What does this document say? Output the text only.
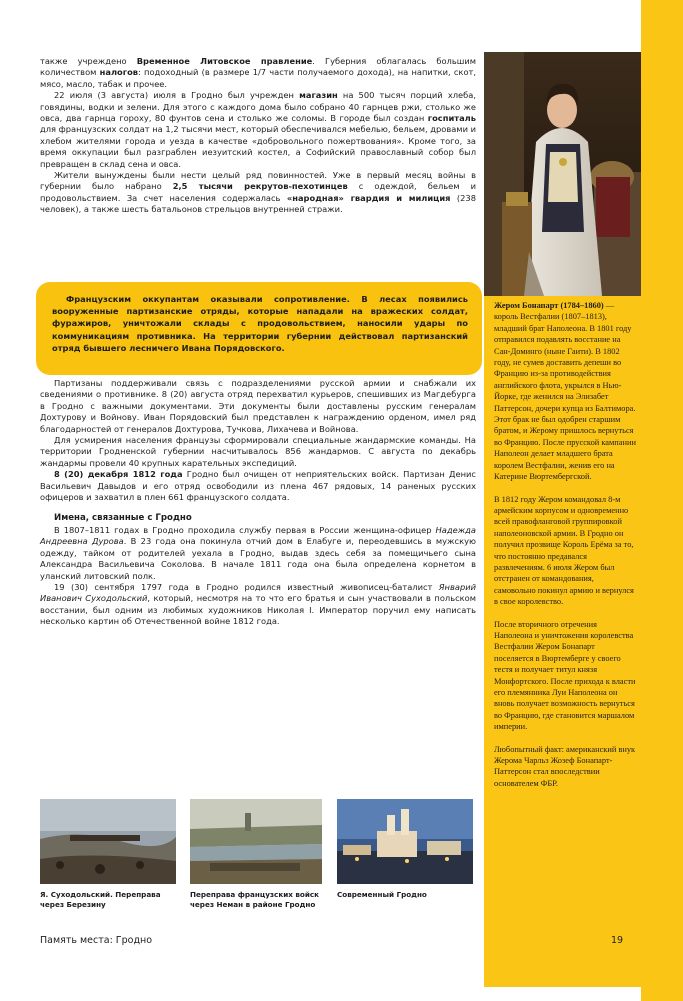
также учреждено Временное Литовское правление. Губерния облагалась большим количеством налогов: подоходный (в размере 1/7 части получаемого дохода), на напитки, скот, мясо, масло, табак и прочее.

22 июля (3 августа) июля в Гродно был учрежден магазин на 500 тысяч порций хлеба, говядины, водки и зелени. Для этого с каждого дома было собрано 40 гарнцев ржи, столько же овса, два гарнца гороху, 80 фунтов сена и столько же соломы. В городе был создан госпиталь для французских солдат на 1,2 тысячи мест, который обеспечивался мебелью, бельем, дровами и хлебом жителями города и уезда в качестве «добровольного пожертвования». Кроме того, за время оккупации был разграблен иезуитский костел, а Софийский православный собор был превращен в склад сена и овса.

Жители вынуждены были нести целый ряд повинностей. Уже в первый месяц войны в губернии было набрано 2,5 тысячи рекрутов-пехотинцев с одеждой, бельем и продовольствием. За счет населения содержалась «народная» гвардия и милиция (238 человек), а также шесть батальонов стрельцов внутренней стражи.

Французским оккупантам оказывали сопротивление. В лесах появились вооруженные партизанские отряды, которые нападали на вражеских солдат, фуражиров, уничтожали склады с продовольствием, наносили удары по коммуникациям противника. На территории губернии действовал партизанский отряд бывшего лесничего Ивана Порядовского.

Партизаны поддерживали связь с подразделениями русской армии и снабжали их сведениями о противнике. 8 (20) августа отряд перехватил курьеров, спешивших из Магдебурга в Гродно с важными документами. Эти документы были доставлены русским генералам Дохтурову и Войнову. Иван Порядовский был представлен к награждению орденом, имел ряд благодарностей от генералов Дохтурова, Тучкова, Лихачева и Войнова.

Для усмирения населения французы сформировали специальные жандармские команды. На территории Гродненской губернии насчитывалось 856 жандармов. С августа по декабрь жандармы провели 40 крупных карательных экспедиций.

8 (20) декабря 1812 года Гродно был очищен от неприятельских войск. Партизан Денис Васильевич Давыдов и его отряд освободили из плена 467 рядовых, 14 раненых русских офицеров и захватил в плен 661 французского солдата.

Имена, связанные с Гродно

В 1807–1811 годах в Гродно проходила службу первая в России женщина-офицер Надежда Андреевна Дурова. В 23 года она покинула отчий дом в Елабуге и, переодевшись в мужскую одежду, тайком от родителей уехала в Гродно, выдав здесь себя за помещичьего сына Александра Васильевича Соколова. В начале 1811 года она была определена корнетом в уланский литовский полк.

19 (30) сентября 1797 года в Гродно родился известный живописец-баталист Январий Иванович Суходольский, который, несмотря на то что его братья и сын участвовали в польском восстании, был одним из любимых художников Николая I. Император поручил ему написать несколько картин об Отечественной войне 1812 года.

Жером Бонапарт (1784–1860) — король Вестфалии (1807–1813), младший брат Наполеона. В 1801 году отправился подавлять восстание на Сан-Доминго (ныне Гаити). В 1802 году, не сумев доставить депеши во Францию из-за противодействия английского флота, укрылся в Нью-Йорке, где женился на Элизабет Паттерсон, дочери купца из Балтимора. Этот брак не был одобрен старшим братом, и Жерому пришлось вернуться во Францию. После прусской кампании Наполеон делает младшего брата королем Вестфалии, женив его на Катерине Вюртембергской.

В 1812 году Жером командовал 8-м армейским корпусом и одновременно всей правофланговой группировкой наполеоновской армии. В Гродно он получил прозвище Король Ерёма за то, что постоянно предавался развлечениям. 6 июля Жером был отстранен от командования, самовольно покинул армию и вернулся в свое королевство.

После вторичного отречения Наполеона и уничтожения королевства Вестфалии Жером Бонапарт поселяется в Вюртемберге у своего тестя и получает титул князя Монфортского. После прихода к власти его племянника Луи Наполеона он вновь получает возможность вернуться во Францию, где становится маршалом империи.

Любопытный факт: американский внук Жерома Чарльз Жозеф Бонапарт-Паттерсон стал впоследствии основателем ФБР.

Я. Суходольский. Переправа через Березину
Переправа французских войск через Неман в районе Гродно
Современный Гродно
Память места: Гродно	19
